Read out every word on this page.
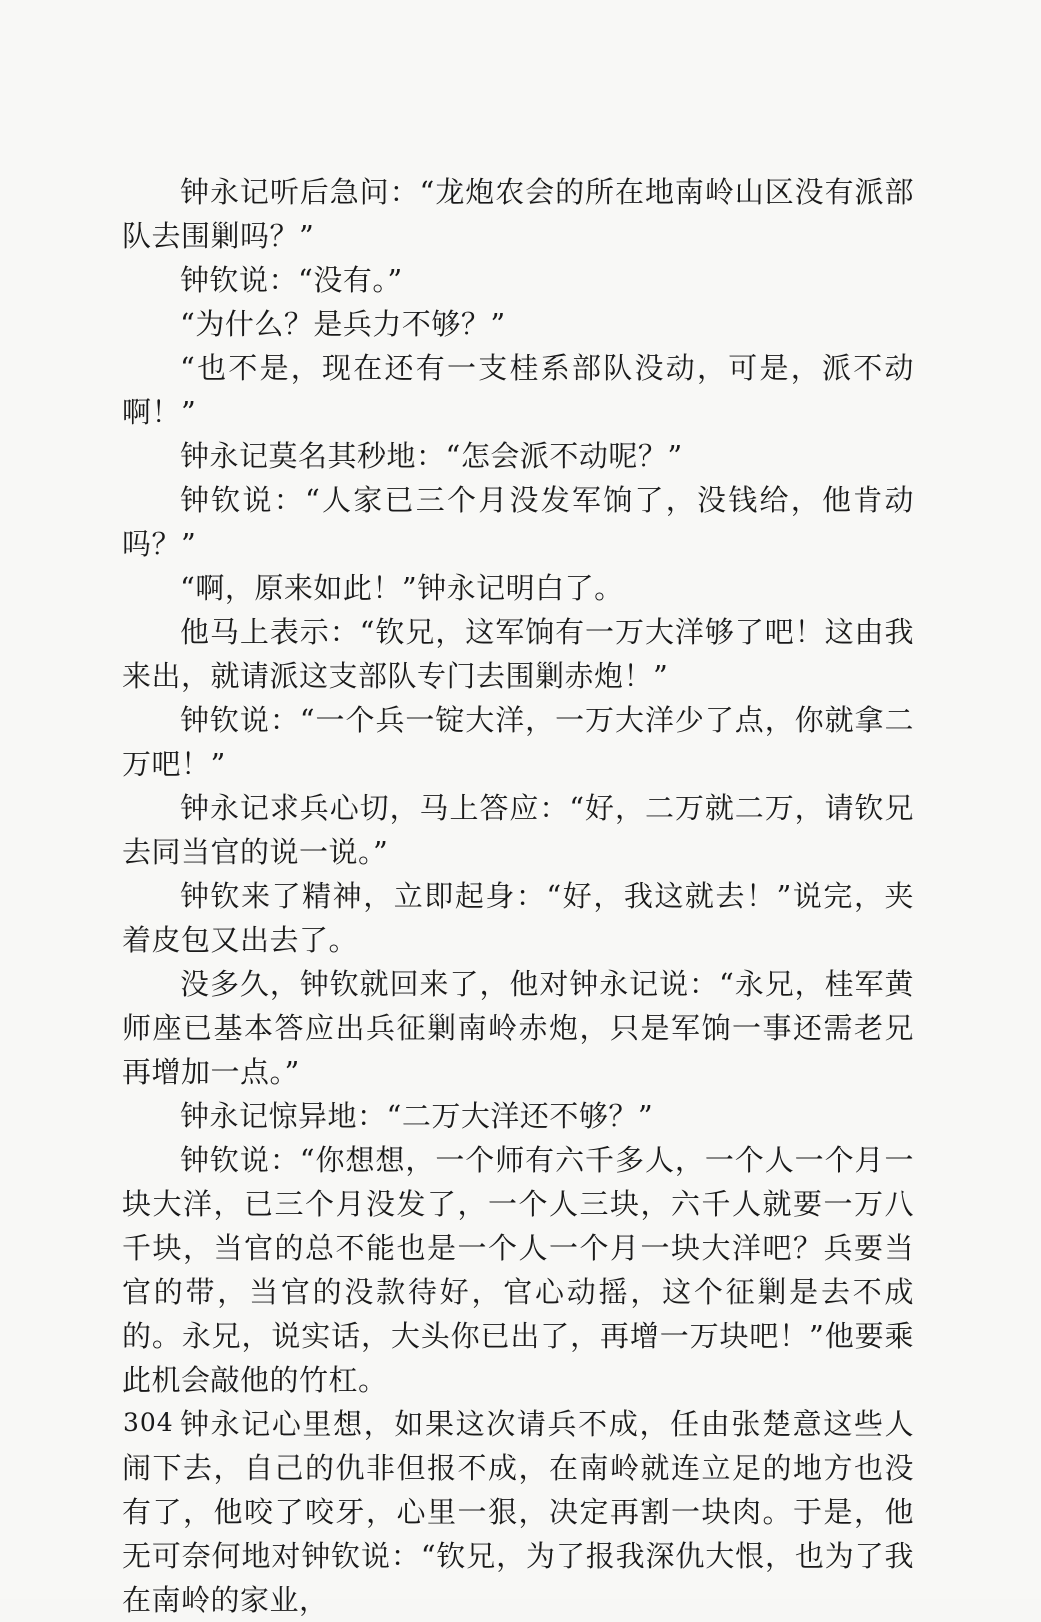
钟永记听后急问：“龙炮农会的所在地南岭山区没有派部队去围剿吗？”

钟钦说：“没有。”

“为什么？是兵力不够？”

“也不是，现在还有一支桂系部队没动，可是，派不动啊！”

钟永记莫名其秒地：“怎会派不动呢？”

钟钦说：“人家已三个月没发军饷了，没钱给，他肯动吗？”

“啊，原来如此！”钟永记明白了。

他马上表示：“钦兄，这军饷有一万大洋够了吧！这由我来出，就请派这支部队专门去围剿赤炮！”

钟钦说：“一个兵一锭大洋，一万大洋少了点，你就拿二万吧！”

钟永记求兵心切，马上答应：“好，二万就二万，请钦兄去同当官的说一说。”

钟钦来了精神，立即起身：“好，我这就去！”说完，夹着皮包又出去了。

没多久，钟钦就回来了，他对钟永记说：“永兄，桂军黄师座已基本答应出兵征剿南岭赤炮，只是军饷一事还需老兄再增加一点。”

钟永记惊异地：“二万大洋还不够？”

钟钦说：“你想想，一个师有六千多人，一个人一个月一块大洋，已三个月没发了，一个人三块，六千人就要一万八千块，当官的总不能也是一个人一个月一块大洋吧？兵要当官的带，当官的没款待好，官心动摇，这个征剿是去不成的。永兄，说实话，大头你已出了，再增一万块吧！”他要乘此机会敲他的竹杠。

钟永记心里想，如果这次请兵不成，任由张楚意这些人闹下去，自己的仇非但报不成，在南岭就连立足的地方也没有了，他咬了咬牙，心里一狠，决定再割一块肉。于是，他无可奈何地对钟钦说：“钦兄，为了报我深仇大恨，也为了我在南岭的家业，

304
